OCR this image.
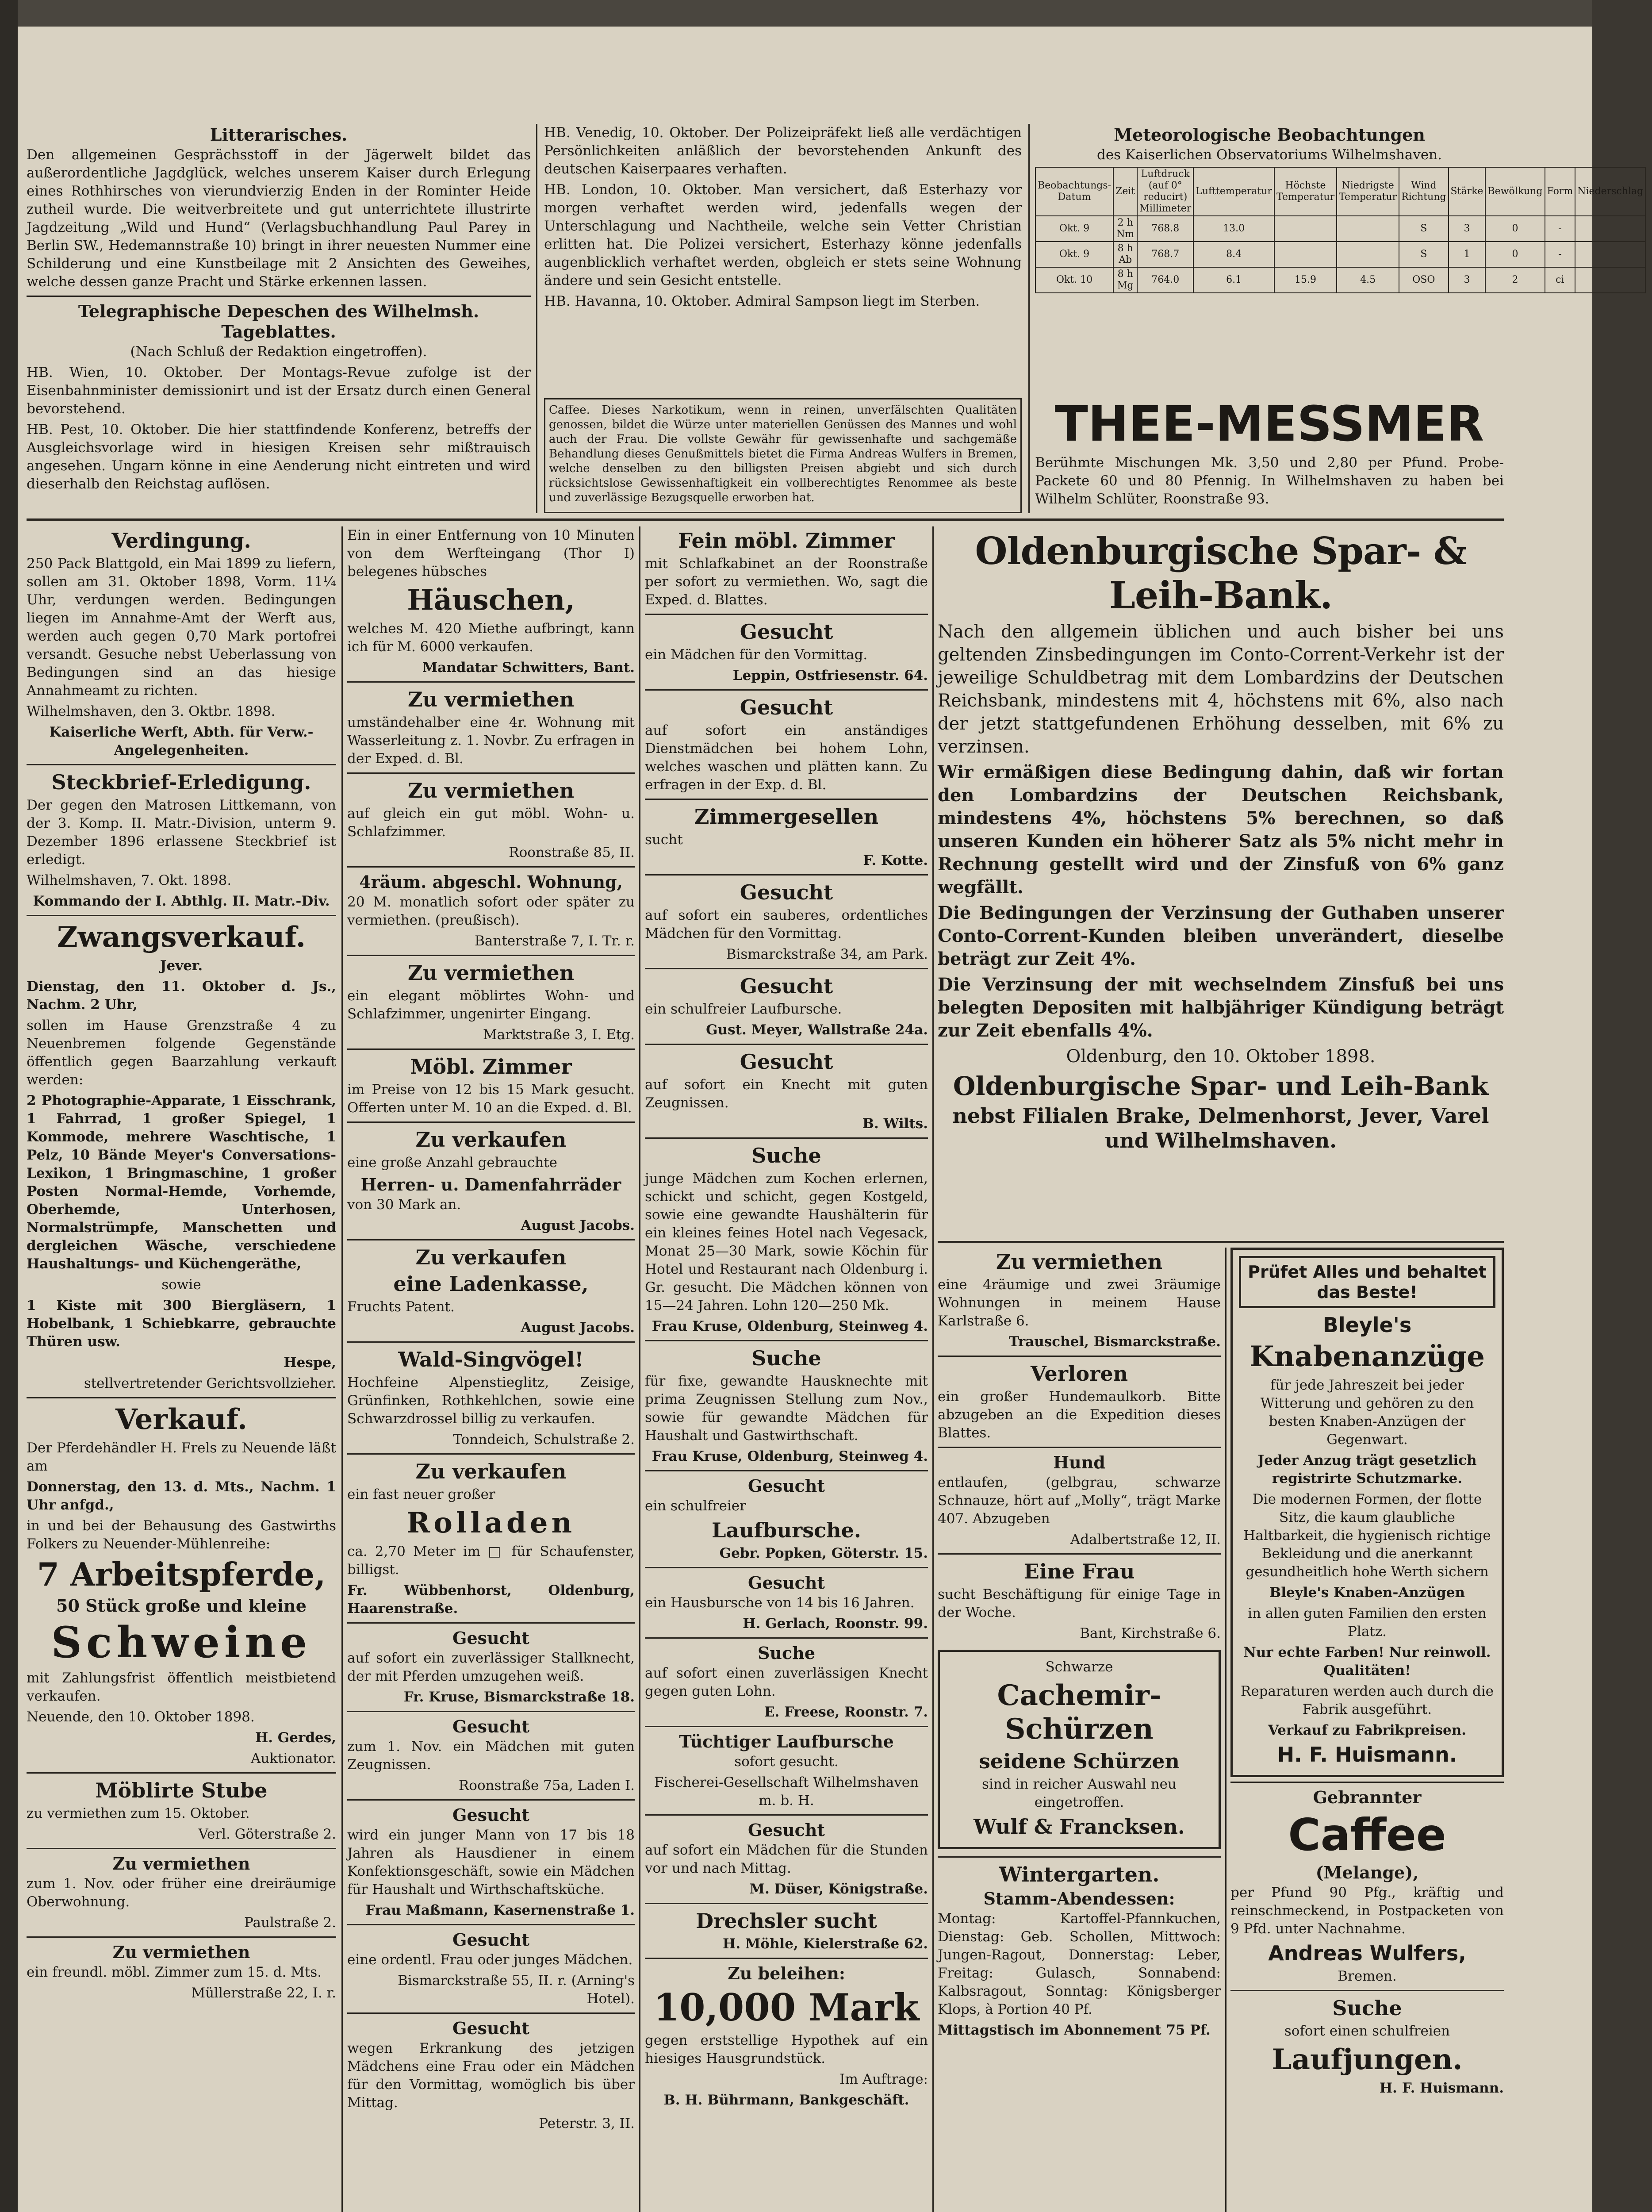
Litterarisches.

Den allgemeinen Gesprächsstoff in der Jägerwelt bildet das außerordentliche Jagdglück, welches unserem Kaiser durch Erlegung eines Rothhirsches von vierundvierzig Enden in der Rominter Heide zutheil wurde. Die weitverbreitete und gut unterrichtete illustrirte Jagdzeitung „Wild und Hund“ (Verlagsbuchhandlung Paul Parey in Berlin SW., Hedemannstraße 10) bringt in ihrer neuesten Nummer eine Schilderung und eine Kunstbeilage mit 2 Ansichten des Geweihes, welche dessen ganze Pracht und Stärke erkennen lassen.

Telegraphische Depeschen des Wilhelmsh. Tageblattes.

(Nach Schluß der Redaktion eingetroffen).

HB. Wien, 10. Oktober. Der Montags-Revue zufolge ist der Eisenbahnminister demissionirt und ist der Ersatz durch einen General bevorstehend.

HB. Pest, 10. Oktober. Die hier stattfindende Konferenz, betreffs der Ausgleichsvorlage wird in hiesigen Kreisen sehr mißtrauisch angesehen. Ungarn könne in eine Aenderung nicht eintreten und wird dieserhalb den Reichstag auflösen.

HB. Venedig, 10. Oktober. Der Polizeipräfekt ließ alle verdächtigen Persönlichkeiten anläßlich der bevorstehenden Ankunft des deutschen Kaiserpaares verhaften.

HB. London, 10. Oktober. Man versichert, daß Esterhazy vor morgen verhaftet werden wird, jedenfalls wegen der Unterschlagung und Nachtheile, welche sein Vetter Christian erlitten hat. Die Polizei versichert, Esterhazy könne jedenfalls augenblicklich verhaftet werden, obgleich er stets seine Wohnung ändere und sein Gesicht entstelle.

HB. Havanna, 10. Oktober. Admiral Sampson liegt im Sterben.

Caffee. Dieses Narkotikum, wenn in reinen, unverfälschten Qualitäten genossen, bildet die Würze unter materiellen Genüssen des Mannes und wohl auch der Frau. Die vollste Gewähr für gewissenhafte und sachgemäße Behandlung dieses Genußmittels bietet die Firma Andreas Wulfers in Bremen, welche denselben zu den billigsten Preisen abgiebt und sich durch rücksichtslose Gewissenhaftigkeit ein vollberechtigtes Renommee als beste und zuverlässige Bezugsquelle erworben hat.

Meteorologische Beobachtungen

des Kaiserlichen Observatoriums Wilhelmshaven.

Beobachtungs-Datum	Zeit	Luftdruck (auf 0° reducirt) Millimeter	Lufttemperatur	Höchste Temperatur	Niedrigste Temperatur	Wind Richtung	Stärke	Bewölkung	Form	Niederschlag
Okt. 9	2 h Nm	768.8	13.0			S	3	0	-	
Okt. 9	8 h Ab	768.7	8.4			S	1	0	-	
Okt. 10	8 h Mg	764.0	6.1	15.9	4.5	OSO	3	2	ci	
THEE-MESSMER

Berühmte Mischungen Mk. 3,50 und 2,80 per Pfund. Probe-Packete 60 und 80 Pfennig. In Wilhelmshaven zu haben bei Wilhelm Schlüter, Roonstraße 93.

Verdingung.

250 Pack Blattgold, ein Mai 1899 zu liefern, sollen am 31. Oktober 1898, Vorm. 11¼ Uhr, verdungen werden. Bedingungen liegen im Annahme-Amt der Werft aus, werden auch gegen 0,70 Mark portofrei versandt. Gesuche nebst Ueberlassung von Bedingungen sind an das hiesige Annahmeamt zu richten.

Wilhelmshaven, den 3. Oktbr. 1898.

Kaiserliche Werft, Abth. für Verw.-Angelegenheiten.

Steckbrief-Erledigung.

Der gegen den Matrosen Littkemann, von der 3. Komp. II. Matr.-Division, unterm 9. Dezember 1896 erlassene Steckbrief ist erledigt.

Wilhelmshaven, 7. Okt. 1898.

Kommando der I. Abthlg. II. Matr.-Div.

Zwangsverkauf.

Jever.

Dienstag, den 11. Oktober d. Js., Nachm. 2 Uhr,

sollen im Hause Grenzstraße 4 zu Neuenbremen folgende Gegenstände öffentlich gegen Baarzahlung verkauft werden:

2 Photographie-Apparate, 1 Eisschrank, 1 Fahrrad, 1 großer Spiegel, 1 Kommode, mehrere Waschtische, 1 Pelz, 10 Bände Meyer's Conversations-Lexikon, 1 Bringmaschine, 1 großer Posten Normal-Hemde, Vorhemde, Oberhemde, Unterhosen, Normalstrümpfe, Manschetten und dergleichen Wäsche, verschiedene Haushaltungs- und Küchengeräthe,

sowie

1 Kiste mit 300 Biergläsern, 1 Hobelbank, 1 Schiebkarre, gebrauchte Thüren usw.

Hespe,

stellvertretender Gerichtsvollzieher.

Verkauf.

Der Pferdehändler H. Frels zu Neuende läßt am

Donnerstag, den 13. d. Mts., Nachm. 1 Uhr anfgd.,

in und bei der Behausung des Gastwirths Folkers zu Neuender-Mühlenreihe:

7 Arbeitspferde,
50 Stück große und kleine
Schweine

mit Zahlungsfrist öffentlich meistbietend verkaufen.

Neuende, den 10. Oktober 1898.

H. Gerdes,

Auktionator.

Möblirte Stube

zu vermiethen zum 15. Oktober.

Verl. Göterstraße 2.

Zu vermiethen

zum 1. Nov. oder früher eine dreiräumige Oberwohnung.

Paulstraße 2.

Zu vermiethen

ein freundl. möbl. Zimmer zum 15. d. Mts.

Müllerstraße 22, I. r.

Ein in einer Entfernung von 10 Minuten von dem Werfteingang (Thor I) belegenes hübsches

Häuschen,

welches M. 420 Miethe aufbringt, kann ich für M. 6000 verkaufen.

Mandatar Schwitters, Bant.

Zu vermiethen

umständehalber eine 4r. Wohnung mit Wasserleitung z. 1. Novbr. Zu erfragen in der Exped. d. Bl.

Zu vermiethen

auf gleich ein gut möbl. Wohn- u. Schlafzimmer.

Roonstraße 85, II.

4räum. abgeschl. Wohnung,

20 M. monatlich sofort oder später zu vermiethen. (preußisch).

Banterstraße 7, I. Tr. r.

Zu vermiethen

ein elegant möblirtes Wohn- und Schlafzimmer, ungenirter Eingang.

Marktstraße 3, I. Etg.

Möbl. Zimmer

im Preise von 12 bis 15 Mark gesucht. Offerten unter M. 10 an die Exped. d. Bl.

Zu verkaufen

eine große Anzahl gebrauchte

Herren- u. Damenfahrräder

von 30 Mark an.

August Jacobs.

Zu verkaufen
eine Ladenkasse,

Fruchts Patent.

August Jacobs.

Wald-Singvögel!

Hochfeine Alpenstieglitz, Zeisige, Grünfinken, Rothkehlchen, sowie eine Schwarzdrossel billig zu verkaufen.

Tonndeich, Schulstraße 2.

Zu verkaufen

ein fast neuer großer

Rolladen

ca. 2,70 Meter im □ für Schaufenster, billigst.

Fr. Wübbenhorst, Oldenburg, Haarenstraße.

Gesucht

auf sofort ein zuverlässiger Stallknecht, der mit Pferden umzugehen weiß.

Fr. Kruse, Bismarckstraße 18.

Gesucht

zum 1. Nov. ein Mädchen mit guten Zeugnissen.

Roonstraße 75a, Laden I.

Gesucht

wird ein junger Mann von 17 bis 18 Jahren als Hausdiener in einem Konfektionsgeschäft, sowie ein Mädchen für Haushalt und Wirthschaftsküche.

Frau Maßmann, Kasernenstraße 1.

Gesucht

eine ordentl. Frau oder junges Mädchen.

Bismarckstraße 55, II. r. (Arning's Hotel).

Gesucht

wegen Erkrankung des jetzigen Mädchens eine Frau oder ein Mädchen für den Vormittag, womöglich bis über Mittag.

Peterstr. 3, II.

Fein möbl. Zimmer

mit Schlafkabinet an der Roonstraße per sofort zu vermiethen. Wo, sagt die Exped. d. Blattes.

Gesucht

ein Mädchen für den Vormittag.

Leppin, Ostfriesenstr. 64.

Gesucht

auf sofort ein anständiges Dienstmädchen bei hohem Lohn, welches waschen und plätten kann. Zu erfragen in der Exp. d. Bl.

Zimmergesellen

sucht

F. Kotte.

Gesucht

auf sofort ein sauberes, ordentliches Mädchen für den Vormittag.

Bismarckstraße 34, am Park.

Gesucht

ein schulfreier Laufbursche.

Gust. Meyer, Wallstraße 24a.

Gesucht

auf sofort ein Knecht mit guten Zeugnissen.

B. Wilts.

Suche

junge Mädchen zum Kochen erlernen, schickt und schicht, gegen Kostgeld, sowie eine gewandte Haushälterin für ein kleines feines Hotel nach Vegesack, Monat 25—30 Mark, sowie Köchin für Hotel und Restaurant nach Oldenburg i. Gr. gesucht. Die Mädchen können von 15—24 Jahren. Lohn 120—250 Mk.

Frau Kruse, Oldenburg, Steinweg 4.

Suche

für fixe, gewandte Hausknechte mit prima Zeugnissen Stellung zum Nov., sowie für gewandte Mädchen für Haushalt und Gastwirthschaft.

Frau Kruse, Oldenburg, Steinweg 4.

Gesucht

ein schulfreier

Laufbursche.

Gebr. Popken, Göterstr. 15.

Gesucht

ein Hausbursche von 14 bis 16 Jahren.

H. Gerlach, Roonstr. 99.

Suche

auf sofort einen zuverlässigen Knecht gegen guten Lohn.

E. Freese, Roonstr. 7.

Tüchtiger Laufbursche

sofort gesucht.

Fischerei-Gesellschaft Wilhelmshaven m. b. H.

Gesucht

auf sofort ein Mädchen für die Stunden vor und nach Mittag.

M. Düser, Königstraße.

Drechsler sucht

H. Möhle, Kielerstraße 62.

Zu beleihen:
10,000 Mark

gegen erststellige Hypothek auf ein hiesiges Hausgrundstück.

Im Auftrage:

B. H. Bührmann, Bankgeschäft.

Oldenburgische Spar- & Leih-Bank.

Nach den allgemein üblichen und auch bisher bei uns geltenden Zinsbedingungen im Conto-Corrent-Verkehr ist der jeweilige Schuldbetrag mit dem Lombardzins der Deutschen Reichsbank, mindestens mit 4, höchstens mit 6%, also nach der jetzt stattgefundenen Erhöhung desselben, mit 6% zu verzinsen.

Wir ermäßigen diese Bedingung dahin, daß wir fortan den Lombardzins der Deutschen Reichsbank, mindestens 4%, höchstens 5% berechnen, so daß unseren Kunden ein höherer Satz als 5% nicht mehr in Rechnung gestellt wird und der Zinsfuß von 6% ganz wegfällt.

Die Bedingungen der Verzinsung der Guthaben unserer Conto-Corrent-Kunden bleiben unverändert, dieselbe beträgt zur Zeit 4%.

Die Verzinsung der mit wechselndem Zinsfuß bei uns belegten Depositen mit halbjähriger Kündigung beträgt zur Zeit ebenfalls 4%.

Oldenburg, den 10. Oktober 1898.

Oldenburgische Spar- und Leih-Bank
nebst Filialen Brake, Delmenhorst, Jever, Varel und Wilhelmshaven.
Zu vermiethen

eine 4räumige und zwei 3räumige Wohnungen in meinem Hause Karlstraße 6.

Trauschel, Bismarckstraße.

Verloren

ein großer Hundemaulkorb. Bitte abzugeben an die Expedition dieses Blattes.

Hund

entlaufen, (gelbgrau, schwarze Schnauze, hört auf „Molly“, trägt Marke 407. Abzugeben

Adalbertstraße 12, II.

Eine Frau

sucht Beschäftigung für einige Tage in der Woche.

Bant, Kirchstraße 6.

Schwarze

Cachemir-Schürzen
seidene Schürzen

sind in reicher Auswahl neu eingetroffen.

Wulf & Francksen.
Wintergarten.
Stamm-Abendessen:

Montag: Kartoffel-Pfannkuchen, Dienstag: Geb. Schollen, Mittwoch: Jungen-Ragout, Donnerstag: Leber, Freitag: Gulasch, Sonnabend: Kalbsragout, Sonntag: Königsberger Klops, à Portion 40 Pf.

Mittagstisch im Abonnement 75 Pf.

Prüfet Alles und behaltet das Beste!
Bleyle's
Knabenanzüge

für jede Jahreszeit bei jeder Witterung und gehören zu den besten Knaben-Anzügen der Gegenwart.

Jeder Anzug trägt gesetzlich registrirte Schutzmarke.

Die modernen Formen, der flotte Sitz, die kaum glaubliche Haltbarkeit, die hygienisch richtige Bekleidung und die anerkannt gesundheitlich hohe Werth sichern

Bleyle's Knaben-Anzügen

in allen guten Familien den ersten Platz.

Nur echte Farben! Nur reinwoll. Qualitäten!

Reparaturen werden auch durch die Fabrik ausgeführt.

Verkauf zu Fabrikpreisen.

H. F. Huismann.
Gebrannter
Caffee
(Melange),

per Pfund 90 Pfg., kräftig und reinschmeckend, in Postpacketen von 9 Pfd. unter Nachnahme.

Andreas Wulfers,

Bremen.

Suche

sofort einen schulfreien

Laufjungen.

H. F. Huismann.
